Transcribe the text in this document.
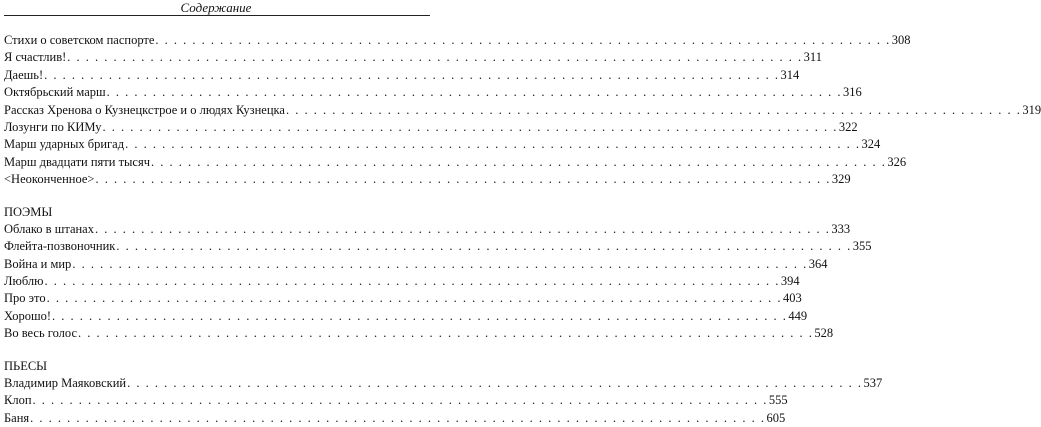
Содержание
Стихи о советском паспорте . . . . . . . . . . . . . . . . . . . . . . . . . . . . . . . . . . . . . . . . . . . . . . . . . . . . . . . . . . . . . . . . . . . . . . . . . . . . . . . . 308
Я счастлив! . . . . . . . . . . . . . . . . . . . . . . . . . . . . . . . . . . . . . . . . . . . . . . . . . . . . . . . . . . . . . . . . . . . . . . . . . . . . . . . . 311
Даешь! . . . . . . . . . . . . . . . . . . . . . . . . . . . . . . . . . . . . . . . . . . . . . . . . . . . . . . . . . . . . . . . . . . . . . . . . . . . . . . . . 314
Октябрьский марш . . . . . . . . . . . . . . . . . . . . . . . . . . . . . . . . . . . . . . . . . . . . . . . . . . . . . . . . . . . . . . . . . . . . . . . . . . . . . . . . 316
Рассказ Хренова о Кузнецкстрое и о людях Кузнецка . . . . . . . . . . . . . . . . . . . . . . . . . . . . . . . . . . . . . . . . . . . . . . . . . . . . . . . . . . . . . . . . . . . . . . . . . . . . . . . . 319
Лозунги по КИМу . . . . . . . . . . . . . . . . . . . . . . . . . . . . . . . . . . . . . . . . . . . . . . . . . . . . . . . . . . . . . . . . . . . . . . . . . . . . . . . . 322
Марш ударных бригад . . . . . . . . . . . . . . . . . . . . . . . . . . . . . . . . . . . . . . . . . . . . . . . . . . . . . . . . . . . . . . . . . . . . . . . . . . . . . . . . 324
Марш двадцати пяти тысяч . . . . . . . . . . . . . . . . . . . . . . . . . . . . . . . . . . . . . . . . . . . . . . . . . . . . . . . . . . . . . . . . . . . . . . . . . . . . . . . . 326
<Неоконченное> . . . . . . . . . . . . . . . . . . . . . . . . . . . . . . . . . . . . . . . . . . . . . . . . . . . . . . . . . . . . . . . . . . . . . . . . . . . . . . . . 329
ПОЭМЫ
Облако в штанах . . . . . . . . . . . . . . . . . . . . . . . . . . . . . . . . . . . . . . . . . . . . . . . . . . . . . . . . . . . . . . . . . . . . . . . . . . . . . . . . 333
Флейта-позвоночник . . . . . . . . . . . . . . . . . . . . . . . . . . . . . . . . . . . . . . . . . . . . . . . . . . . . . . . . . . . . . . . . . . . . . . . . . . . . . . . . 355
Война и мир . . . . . . . . . . . . . . . . . . . . . . . . . . . . . . . . . . . . . . . . . . . . . . . . . . . . . . . . . . . . . . . . . . . . . . . . . . . . . . . . 364
Люблю . . . . . . . . . . . . . . . . . . . . . . . . . . . . . . . . . . . . . . . . . . . . . . . . . . . . . . . . . . . . . . . . . . . . . . . . . . . . . . . . 394
Про это . . . . . . . . . . . . . . . . . . . . . . . . . . . . . . . . . . . . . . . . . . . . . . . . . . . . . . . . . . . . . . . . . . . . . . . . . . . . . . . . 403
Хорошо! . . . . . . . . . . . . . . . . . . . . . . . . . . . . . . . . . . . . . . . . . . . . . . . . . . . . . . . . . . . . . . . . . . . . . . . . . . . . . . . . 449
Во весь голос . . . . . . . . . . . . . . . . . . . . . . . . . . . . . . . . . . . . . . . . . . . . . . . . . . . . . . . . . . . . . . . . . . . . . . . . . . . . . . . . 528
ПЬЕСЫ
Владимир Маяковский . . . . . . . . . . . . . . . . . . . . . . . . . . . . . . . . . . . . . . . . . . . . . . . . . . . . . . . . . . . . . . . . . . . . . . . . . . . . . . . . 537
Клоп . . . . . . . . . . . . . . . . . . . . . . . . . . . . . . . . . . . . . . . . . . . . . . . . . . . . . . . . . . . . . . . . . . . . . . . . . . . . . . . . 555
Баня . . . . . . . . . . . . . . . . . . . . . . . . . . . . . . . . . . . . . . . . . . . . . . . . . . . . . . . . . . . . . . . . . . . . . . . . . . . . . . . . 605
